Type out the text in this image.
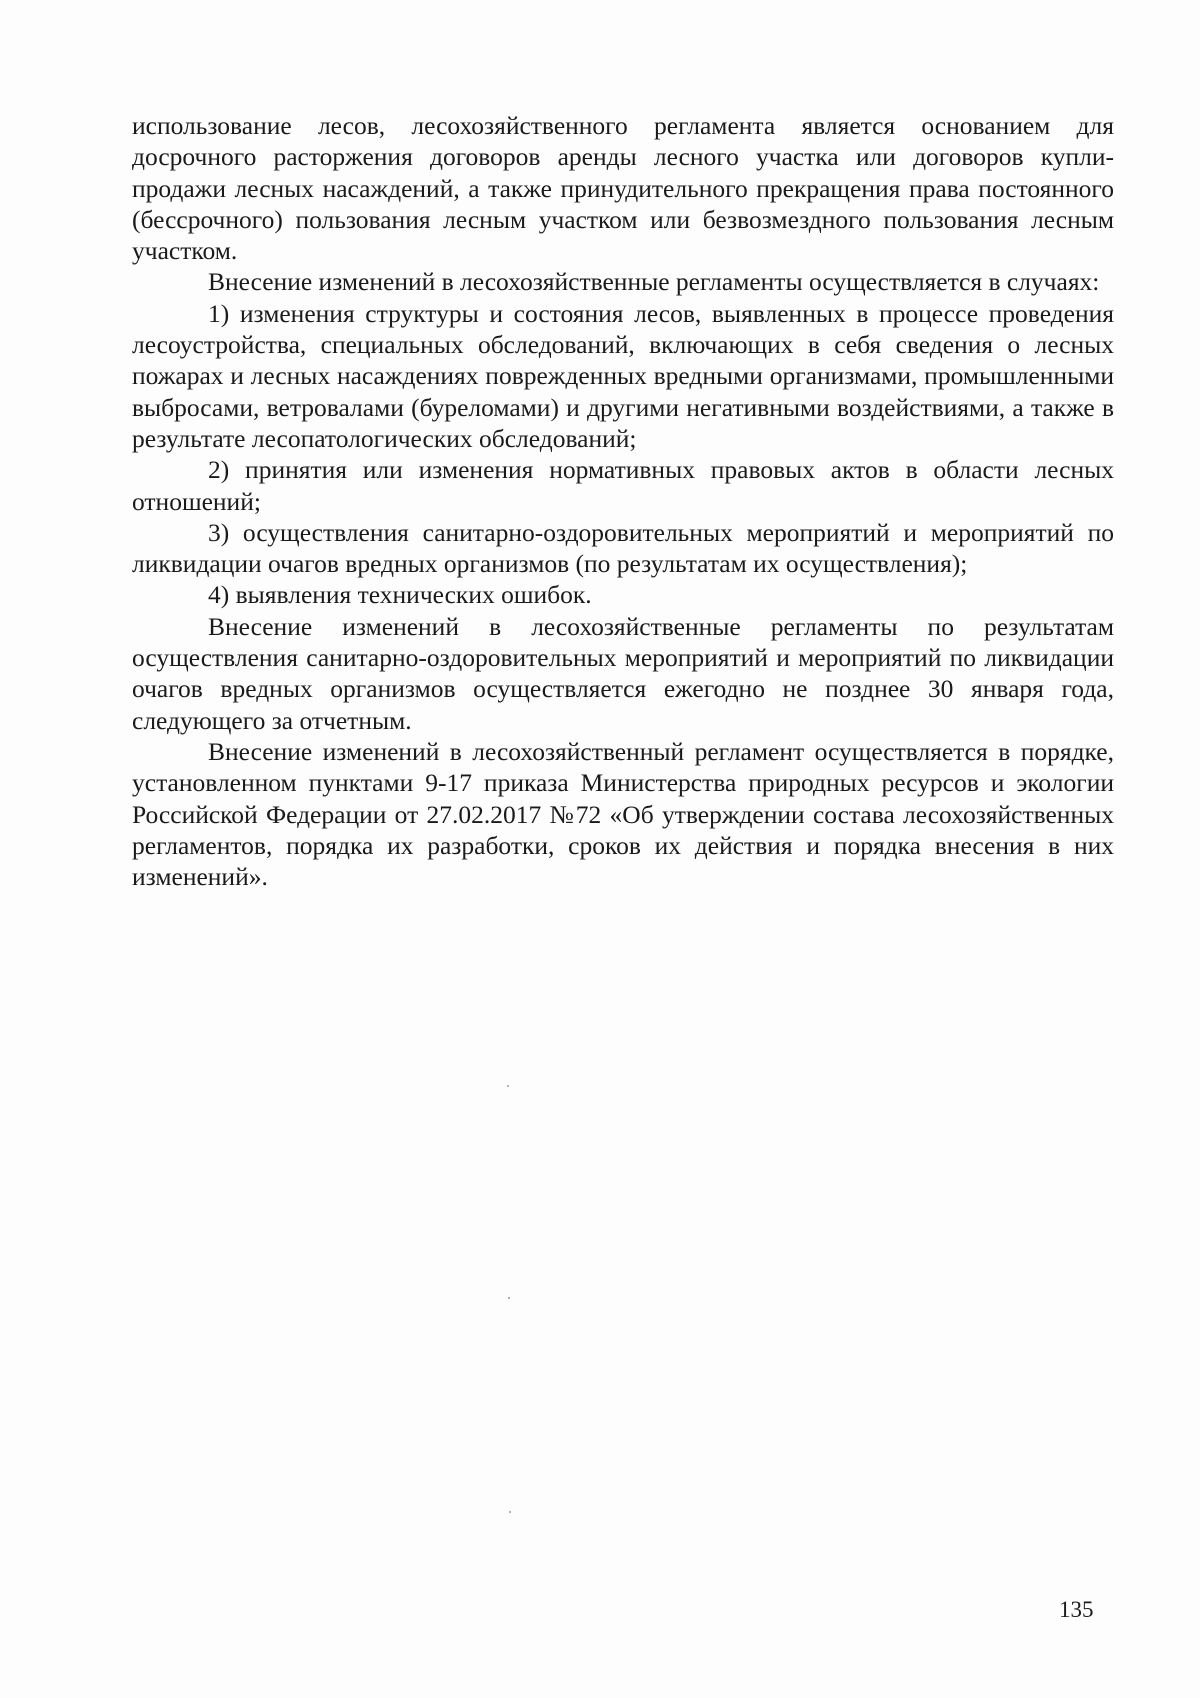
использование лесов, лесохозяйственного регламента является основанием для досрочного расторжения договоров аренды лесного участка или договоров купли-продажи лесных насаждений, а также принудительного прекращения права постоянного (бессрочного) пользования лесным участком или безвозмездного пользования лесным участком.

Внесение изменений в лесохозяйственные регламенты осуществляется в случаях:

1) изменения структуры и состояния лесов, выявленных в процессе проведения лесоустройства, специальных обследований, включающих в себя сведения о лесных пожарах и лесных насаждениях поврежденных вредными организмами, промышленными выбросами, ветровалами (буреломами) и другими негативными воздействиями, а также в результате лесопатологических обследований;

2) принятия или изменения нормативных правовых актов в области лесных отношений;

3) осуществления санитарно-оздоровительных мероприятий и мероприятий по ликвидации очагов вредных организмов (по результатам их осуществления);

4) выявления технических ошибок.

Внесение изменений в лесохозяйственные регламенты по результатам осуществления санитарно-оздоровительных мероприятий и мероприятий по ликвидации очагов вредных организмов осуществляется ежегодно не позднее 30 января года, следующего за отчетным.

Внесение изменений в лесохозяйственный регламент осуществляется в порядке, установленном пунктами 9-17 приказа Министерства природных ресурсов и экологии Российской Федерации от 27.02.2017 №72 «Об утверждении состава лесохозяйственных регламентов, порядка их разработки, сроков их действия и порядка внесения в них изменений».

135
